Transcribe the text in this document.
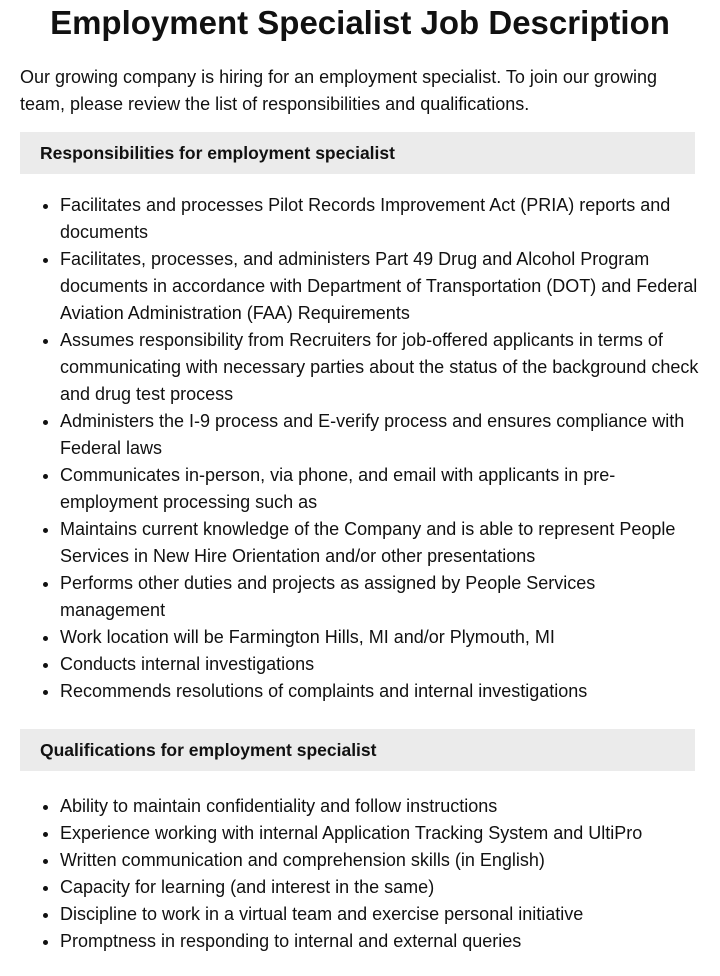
Employment Specialist Job Description

Our growing company is hiring for an employment specialist. To join our growing team, please review the list of responsibilities and qualifications.

Responsibilities for employment specialist
• Facilitates and processes Pilot Records Improvement Act (PRIA) reports and documents
• Facilitates, processes, and administers Part 49 Drug and Alcohol Program documents in accordance with Department of Transportation (DOT) and Federal Aviation Administration (FAA) Requirements
• Assumes responsibility from Recruiters for job-offered applicants in terms of communicating with necessary parties about the status of the background check and drug test process
• Administers the I-9 process and E-verify process and ensures compliance with Federal laws
• Communicates in-person, via phone, and email with applicants in pre-employment processing such as
• Maintains current knowledge of the Company and is able to represent People Services in New Hire Orientation and/or other presentations
• Performs other duties and projects as assigned by People Services management
• Work location will be Farmington Hills, MI and/or Plymouth, MI
• Conducts internal investigations
• Recommends resolutions of complaints and internal investigations
Qualifications for employment specialist
• Ability to maintain confidentiality and follow instructions
• Experience working with internal Application Tracking System and UltiPro
• Written communication and comprehension skills (in English)
• Capacity for learning (and interest in the same)
• Discipline to work in a virtual team and exercise personal initiative
• Promptness in responding to internal and external queries
